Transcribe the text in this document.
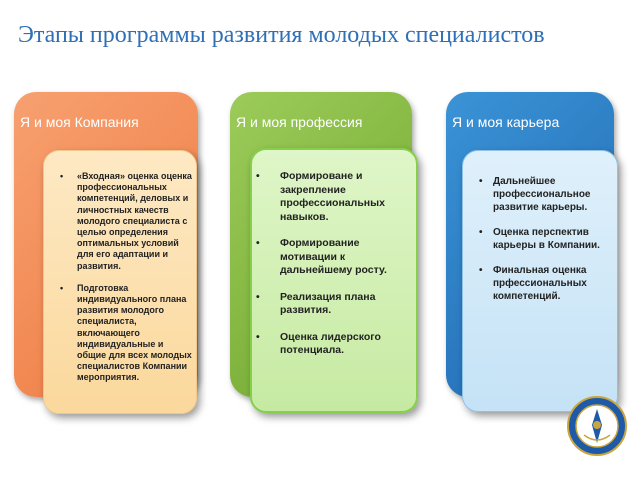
Этапы программы развития молодых специалистов
Я и моя Компания
• «Входная» оценка оценка профессиональных компетенций, деловых и личностных качеств молодого специалиста с целью определения оптимальных условий для его адаптации и развития.
• Подготовка индивидуального плана развития молодого специалиста, включающего индивидуальные и общие для всех молодых специалистов Компании мероприятия.
Я и моя профессия
• Формироване и закрепление профессиональных навыков.
• Формирование мотивации к дальнейшему росту.
• Реализация плана развития.
• Оценка лидерского потенциала.
Я и моя карьера
• Дальнейшее профессиональное развитие карьеры.
• Оценка перспектив карьеры в Компании.
• Финальная оценка прфессиональных компетенций.
